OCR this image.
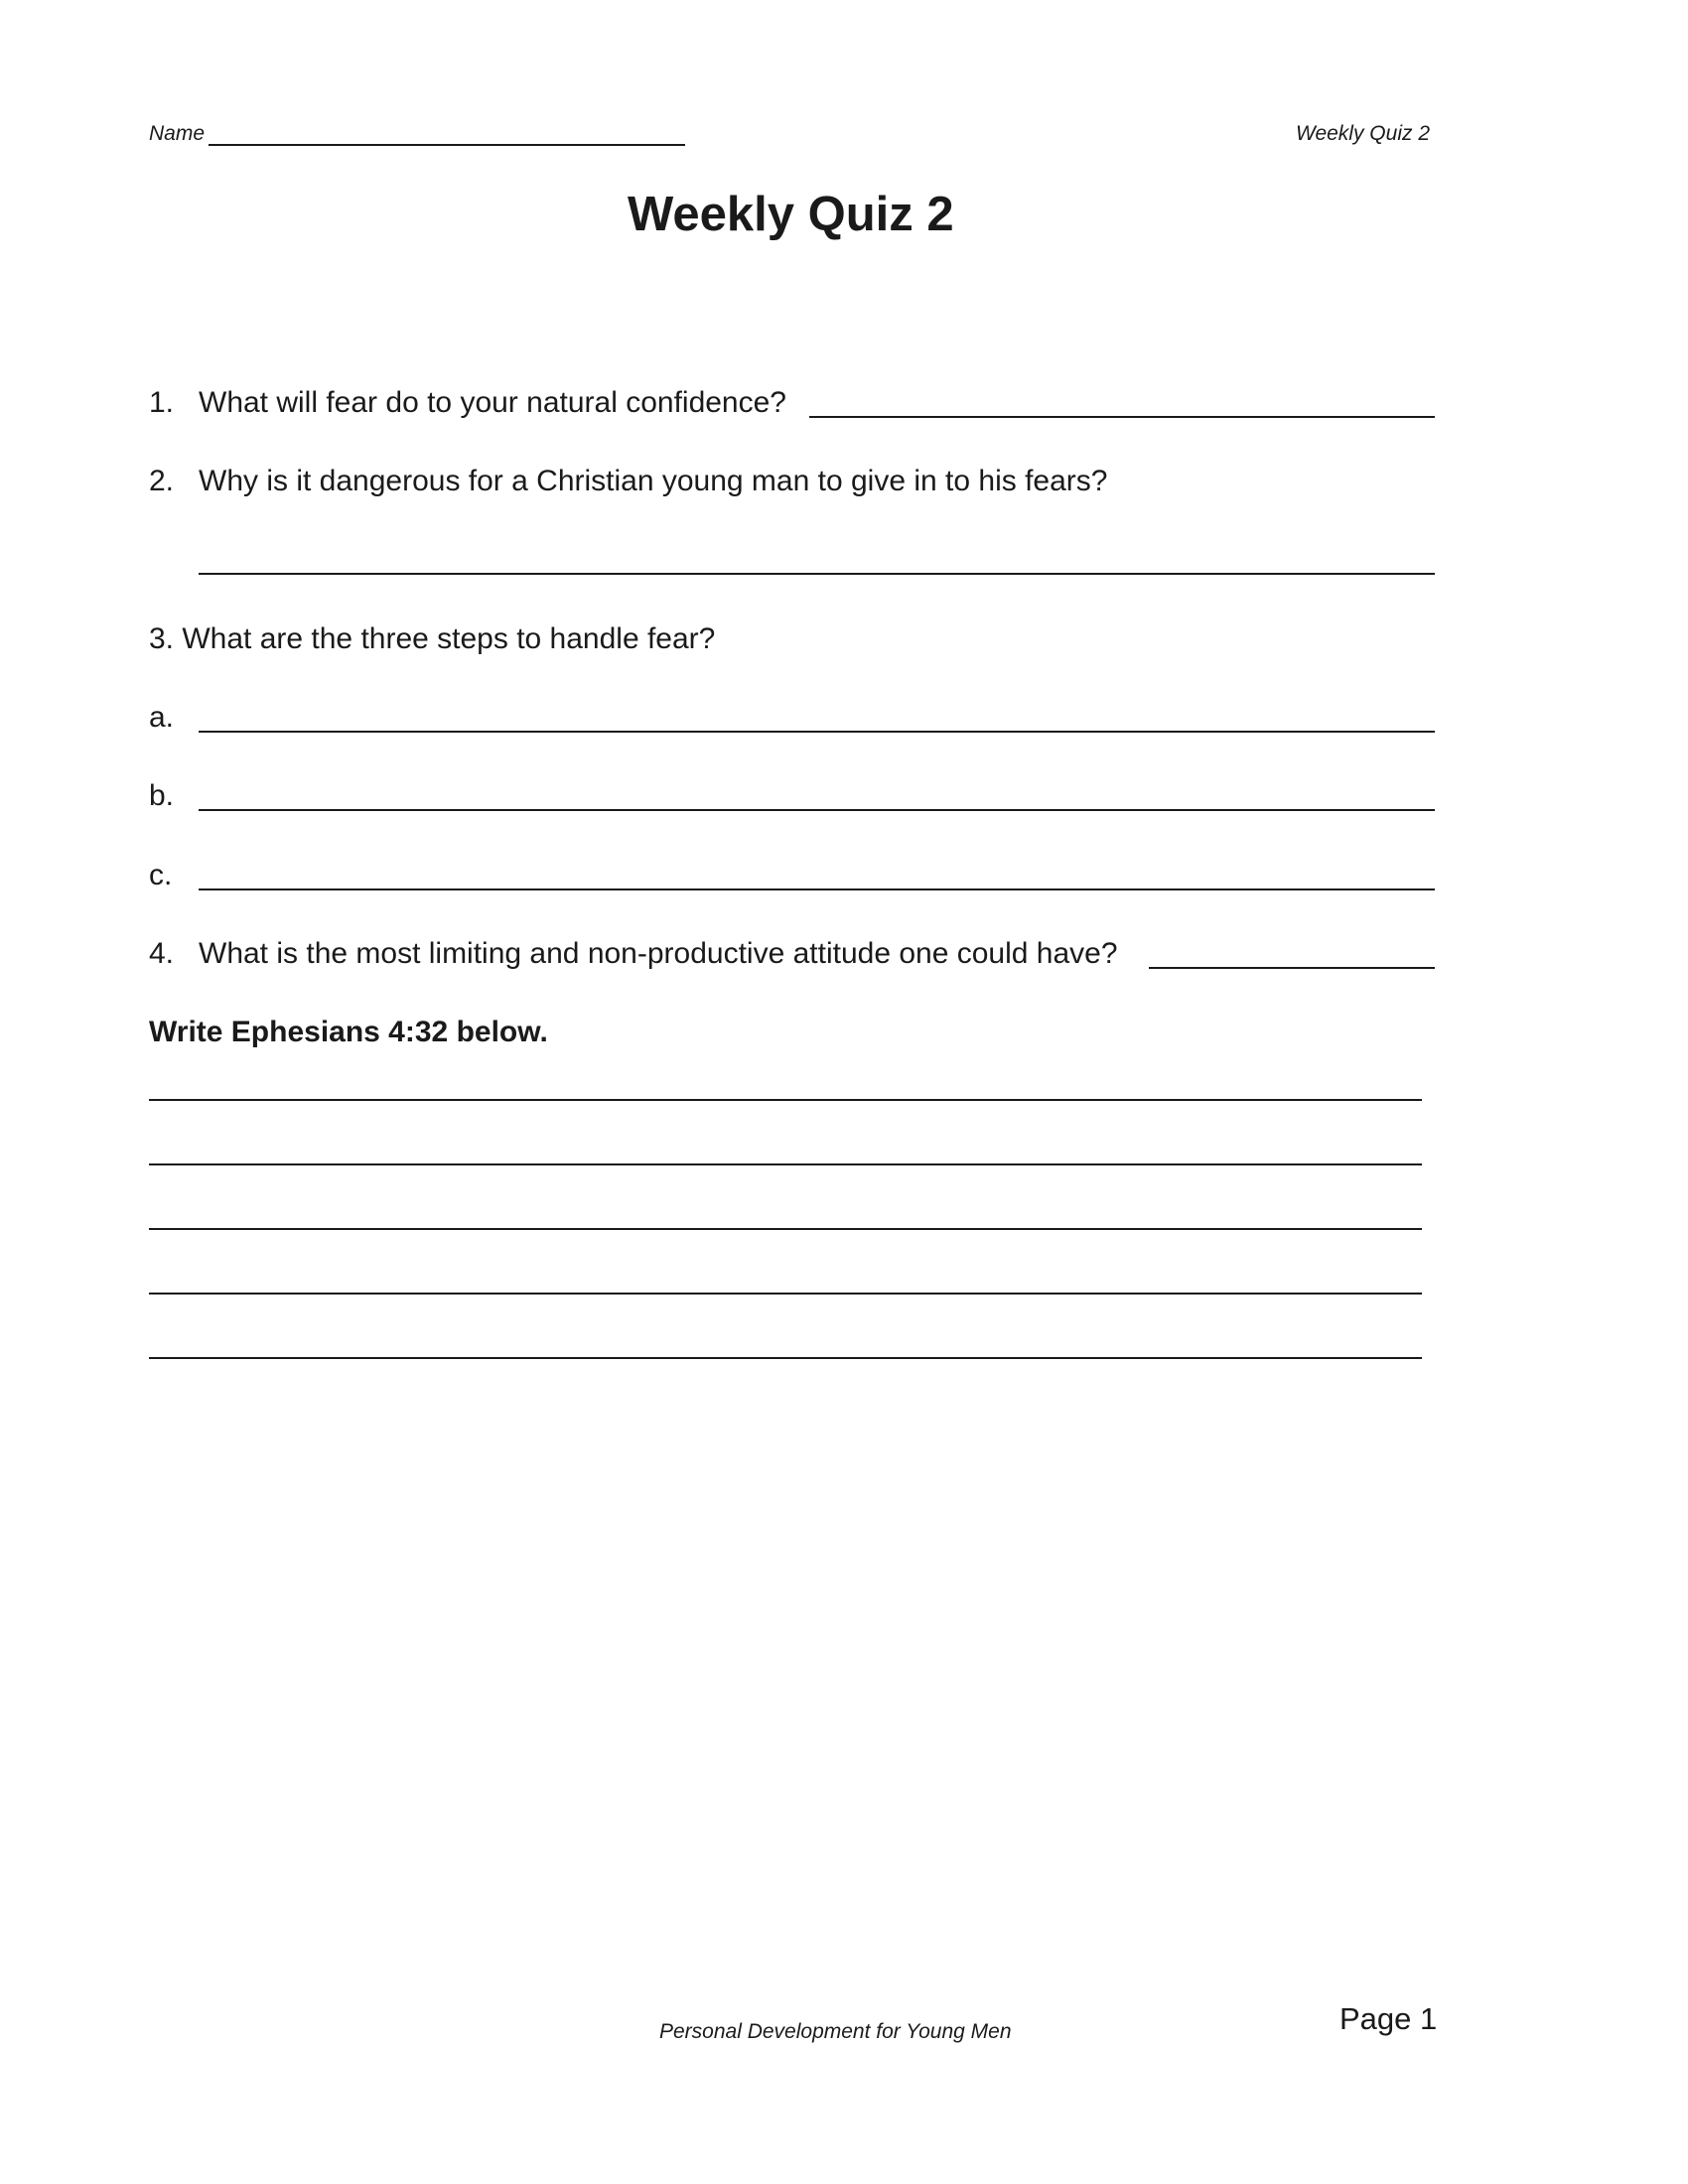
Name	Weekly Quiz 2
Weekly Quiz 2
1. What will fear do to your natural confidence?
2. Why is it dangerous for a Christian young man to give in to his fears?
3. What are the three steps to handle fear?
a.
b.
c.
4. What is the most limiting and non-productive attitude one could have?
Write Ephesians 4:32 below.
Personal Development for Young Men	Page 1
